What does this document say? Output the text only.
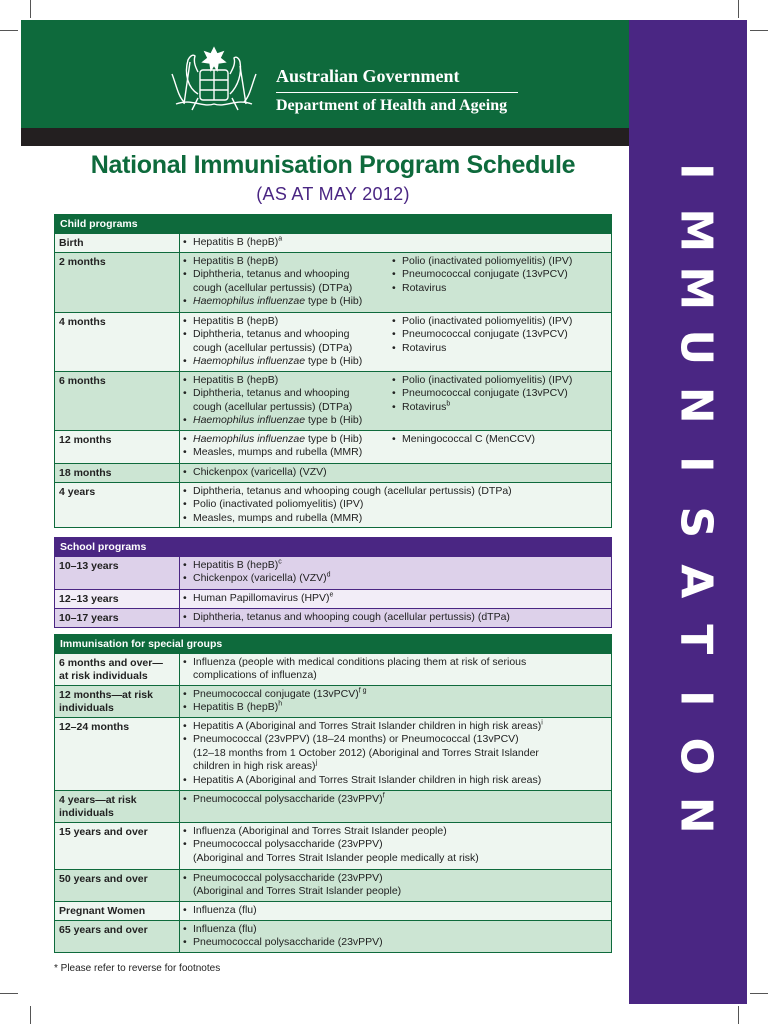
Australian Government
Department of Health and Ageing
I
M
M
U
N
I
S
A
T
I
O
N
National Immunisation Program Schedule
(AS AT MAY 2012)
Child programs
Birth	• Hepatitis B (hepB)$^a$
2 months	• Hepatitis B (hepB)
• Diphtheria, tetanus and whooping
cough (acellular pertussis) (DTPa)
• Haemophilus influenzae type b (Hib)
• Polio (inactivated poliomyelitis) (IPV)
• Pneumococcal conjugate (13vPCV)
• Rotavirus
4 months	• Hepatitis B (hepB)
• Diphtheria, tetanus and whooping
cough (acellular pertussis) (DTPa)
• Haemophilus influenzae type b (Hib)
• Polio (inactivated poliomyelitis) (IPV)
• Pneumococcal conjugate (13vPCV)
• Rotavirus
6 months	• Hepatitis B (hepB)
• Diphtheria, tetanus and whooping
cough (acellular pertussis) (DTPa)
• Haemophilus influenzae type b (Hib)
• Polio (inactivated poliomyelitis) (IPV)
• Pneumococcal conjugate (13vPCV)
• Rotavirus$^b$
12 months	• Haemophilus influenzae type b (Hib)
• Measles, mumps and rubella (MMR)
• Meningococcal C (MenCCV)
18 months	• Chickenpox (varicella) (VZV)
4 years	• Diphtheria, tetanus and whooping cough (acellular pertussis) (DTPa)
• Polio (inactivated poliomyelitis) (IPV)
• Measles, mumps and rubella (MMR)
School programs
10–13 years	• Hepatitis B (hepB)$^c$
• Chickenpox (varicella) (VZV)$^d$
12–13 years	• Human Papillomavirus (HPV)$^e$
10–17 years	• Diphtheria, tetanus and whooping cough (acellular pertussis) (dTPa)
Immunisation for special groups
6 months and over—
at risk individuals
• Influenza (people with medical conditions placing them at risk of serious
complications of influenza)
12 months—at risk
individuals
• Pneumococcal conjugate (13vPCV)$^{f g}$
• Hepatitis B (hepB)$^h$
12–24 months	• Hepatitis A (Aboriginal and Torres Strait Islander children in high risk areas)$^i$
• Pneumococcal (23vPPV) (18–24 months) or Pneumococcal (13vPCV)
(12–18 months from 1 October 2012) (Aboriginal and Torres Strait Islander
children in high risk areas)$^j$
• Hepatitis A (Aboriginal and Torres Strait Islander children in high risk areas)
4 years—at risk
individuals
• Pneumococcal polysaccharide (23vPPV)$^f$
15 years and over	• Influenza (Aboriginal and Torres Strait Islander people)
• Pneumococcal polysaccharide (23vPPV)
(Aboriginal and Torres Strait Islander people medically at risk)
50 years and over	• Pneumococcal polysaccharide (23vPPV)
(Aboriginal and Torres Strait Islander people)
Pregnant Women	• Influenza (flu)
65 years and over	• Influenza (flu)
• Pneumococcal polysaccharide (23vPPV)
* Please refer to reverse for footnotes
